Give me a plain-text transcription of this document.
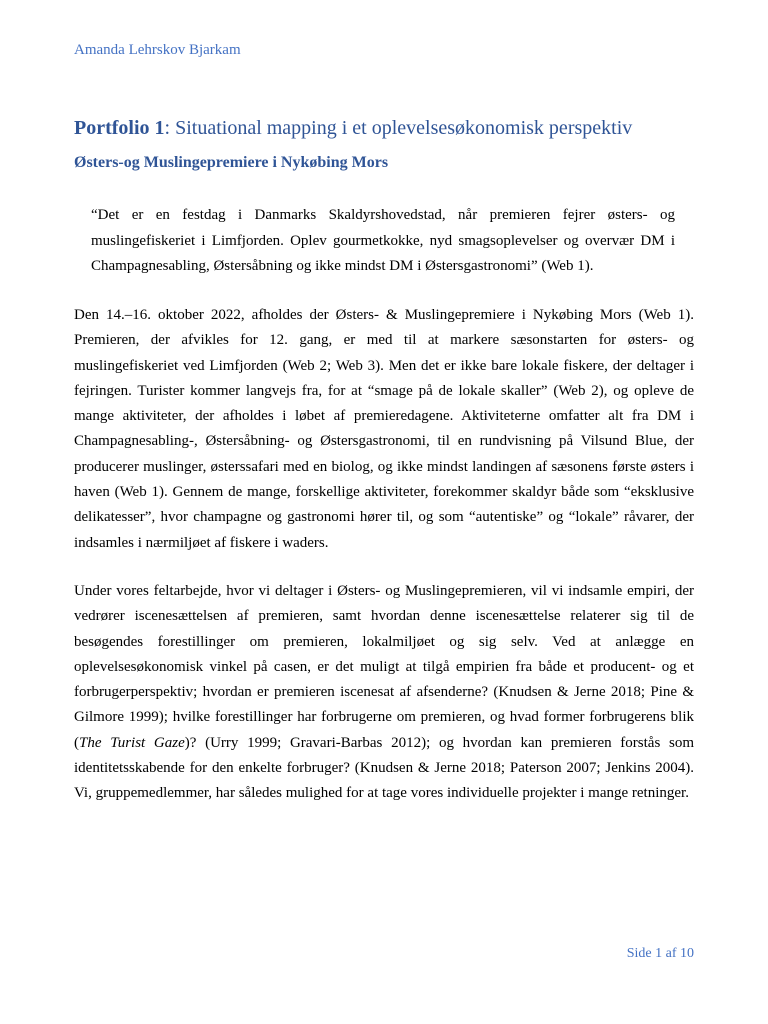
Amanda Lehrskov Bjarkam
Portfolio 1: Situational mapping i et oplevelsesøkonomisk perspektiv
Østers-og Muslingepremiere i Nykøbing Mors
“Det er en festdag i Danmarks Skaldyrshovedstad, når premieren fejrer østers- og muslingefiskeriet i Limfjorden. Oplev gourmetkokke, nyd smagsoplevelser og overvær DM i Champagnesabling, Østersåbning og ikke mindst DM i Østersgastronomi” (Web 1).
Den 14.–16. oktober 2022, afholdes der Østers- & Muslingepremiere i Nykøbing Mors (Web 1). Premieren, der afvikles for 12. gang, er med til at markere sæsonstarten for østers- og muslingefiskeriet ved Limfjorden (Web 2; Web 3). Men det er ikke bare lokale fiskere, der deltager i fejringen. Turister kommer langvejs fra, for at “smage på de lokale skaller” (Web 2), og opleve de mange aktiviteter, der afholdes i løbet af premieredagene. Aktiviteterne omfatter alt fra DM i Champagnesabling-, Østersåbning- og Østersgastronomi, til en rundvisning på Vilsund Blue, der producerer muslinger, østerssafari med en biolog, og ikke mindst landingen af sæsonens første østers i haven (Web 1). Gennem de mange, forskellige aktiviteter, forekommer skaldyr både som “eksklusive delikatesser”, hvor champagne og gastronomi hører til, og som “autentiske” og “lokale” råvarer, der indsamles i nærmiljøet af fiskere i waders.
Under vores feltarbejde, hvor vi deltager i Østers- og Muslingepremieren, vil vi indsamle empiri, der vedrører iscenesættelsen af premieren, samt hvordan denne iscenesættelse relaterer sig til de besøgendes forestillinger om premieren, lokalmiljøet og sig selv. Ved at anlægge en oplevelsesøkonomisk vinkel på casen, er det muligt at tilgå empirien fra både et producent- og et forbrugerperspektiv; hvordan er premieren iscenesat af afsenderne? (Knudsen & Jerne 2018; Pine & Gilmore 1999); hvilke forestillinger har forbrugerne om premieren, og hvad former forbrugerens blik (The Turist Gaze)? (Urry 1999; Gravari-Barbas 2012); og hvordan kan premieren forstås som identitetsskabende for den enkelte forbruger? (Knudsen & Jerne 2018; Paterson 2007; Jenkins 2004). Vi, gruppemedlemmer, har således mulighed for at tage vores individuelle projekter i mange retninger.
Side 1 af 10
